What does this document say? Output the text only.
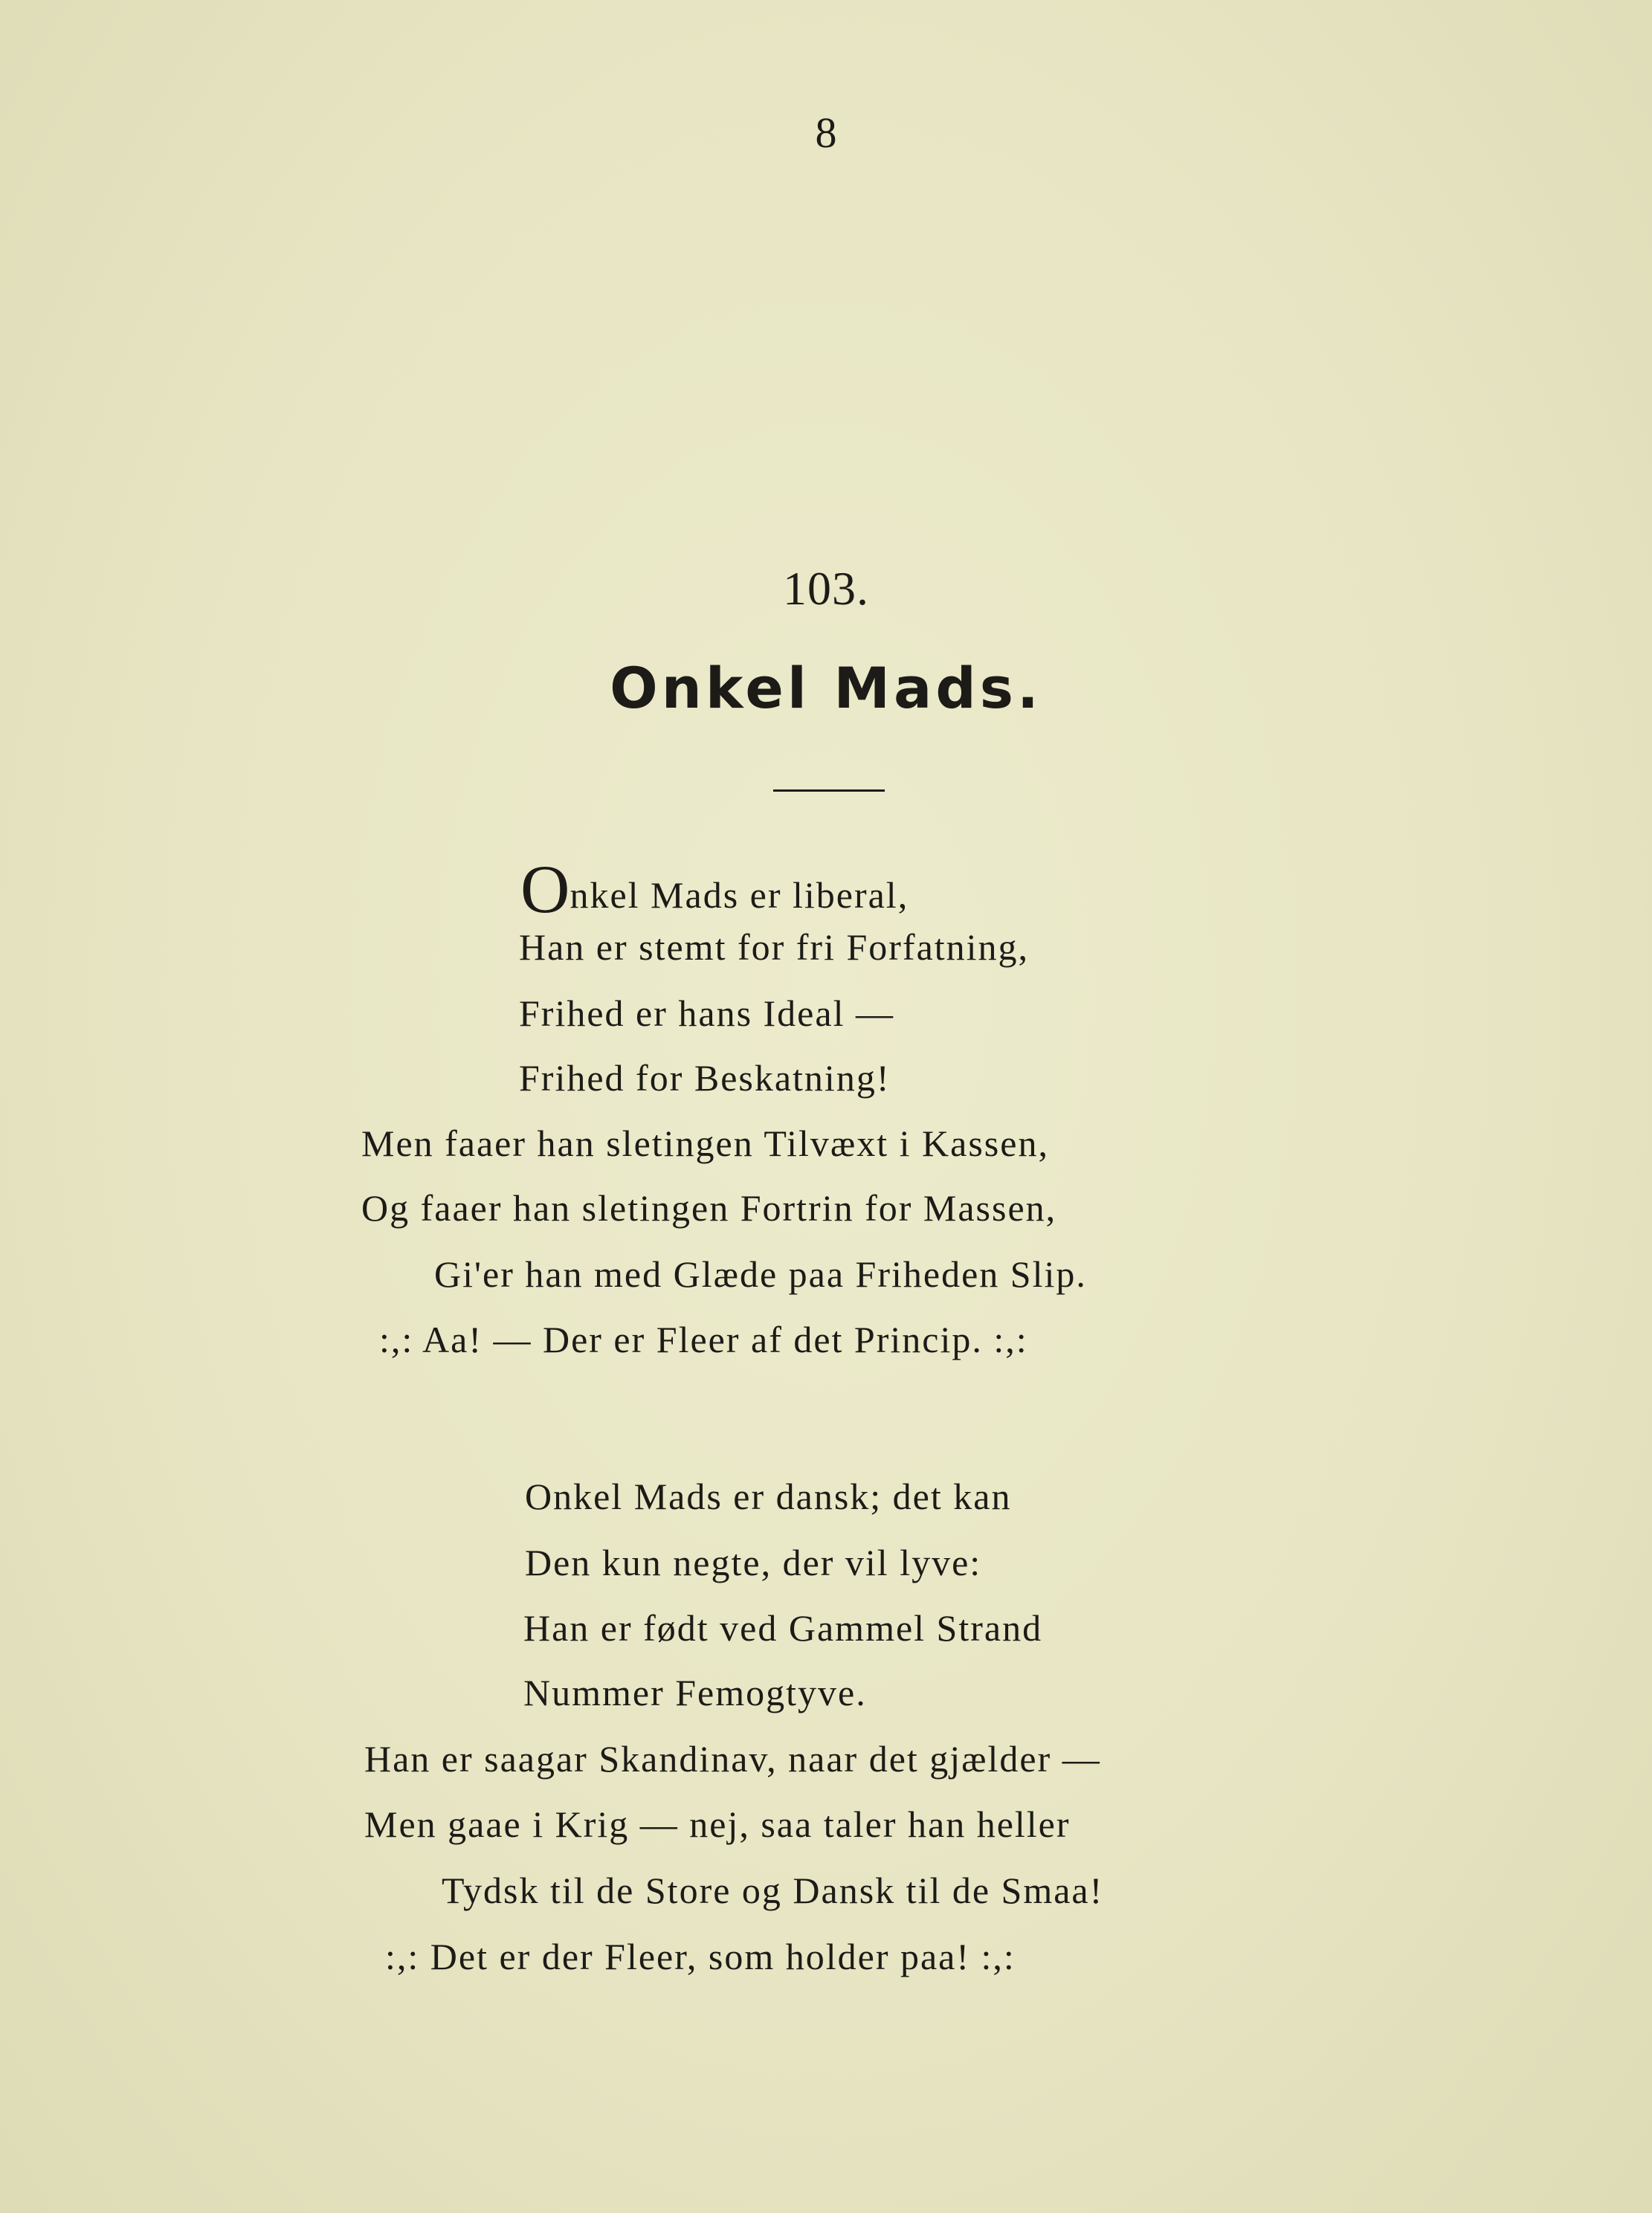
8
103.
Onkel Mads.
Onkel Mads er liberal,
Han er stemt for fri Forfatning,
Frihed er hans Ideal —
Frihed for Beskatning!
Men faaer han sletingen Tilvæxt i Kassen,
Og faaer han sletingen Fortrin for Massen,
Gi'er han med Glæde paa Friheden Slip.
:,: Aa! — Der er Fleer af det Princip. :,:
Onkel Mads er dansk; det kan
Den kun negte, der vil lyve:
Han er født ved Gammel Strand
Nummer Femogtyve.
Han er saagar Skandinav, naar det gjælder —
Men gaae i Krig — nej, saa taler han heller
Tydsk til de Store og Dansk til de Smaa!
:,: Det er der Fleer, som holder paa! :,:
